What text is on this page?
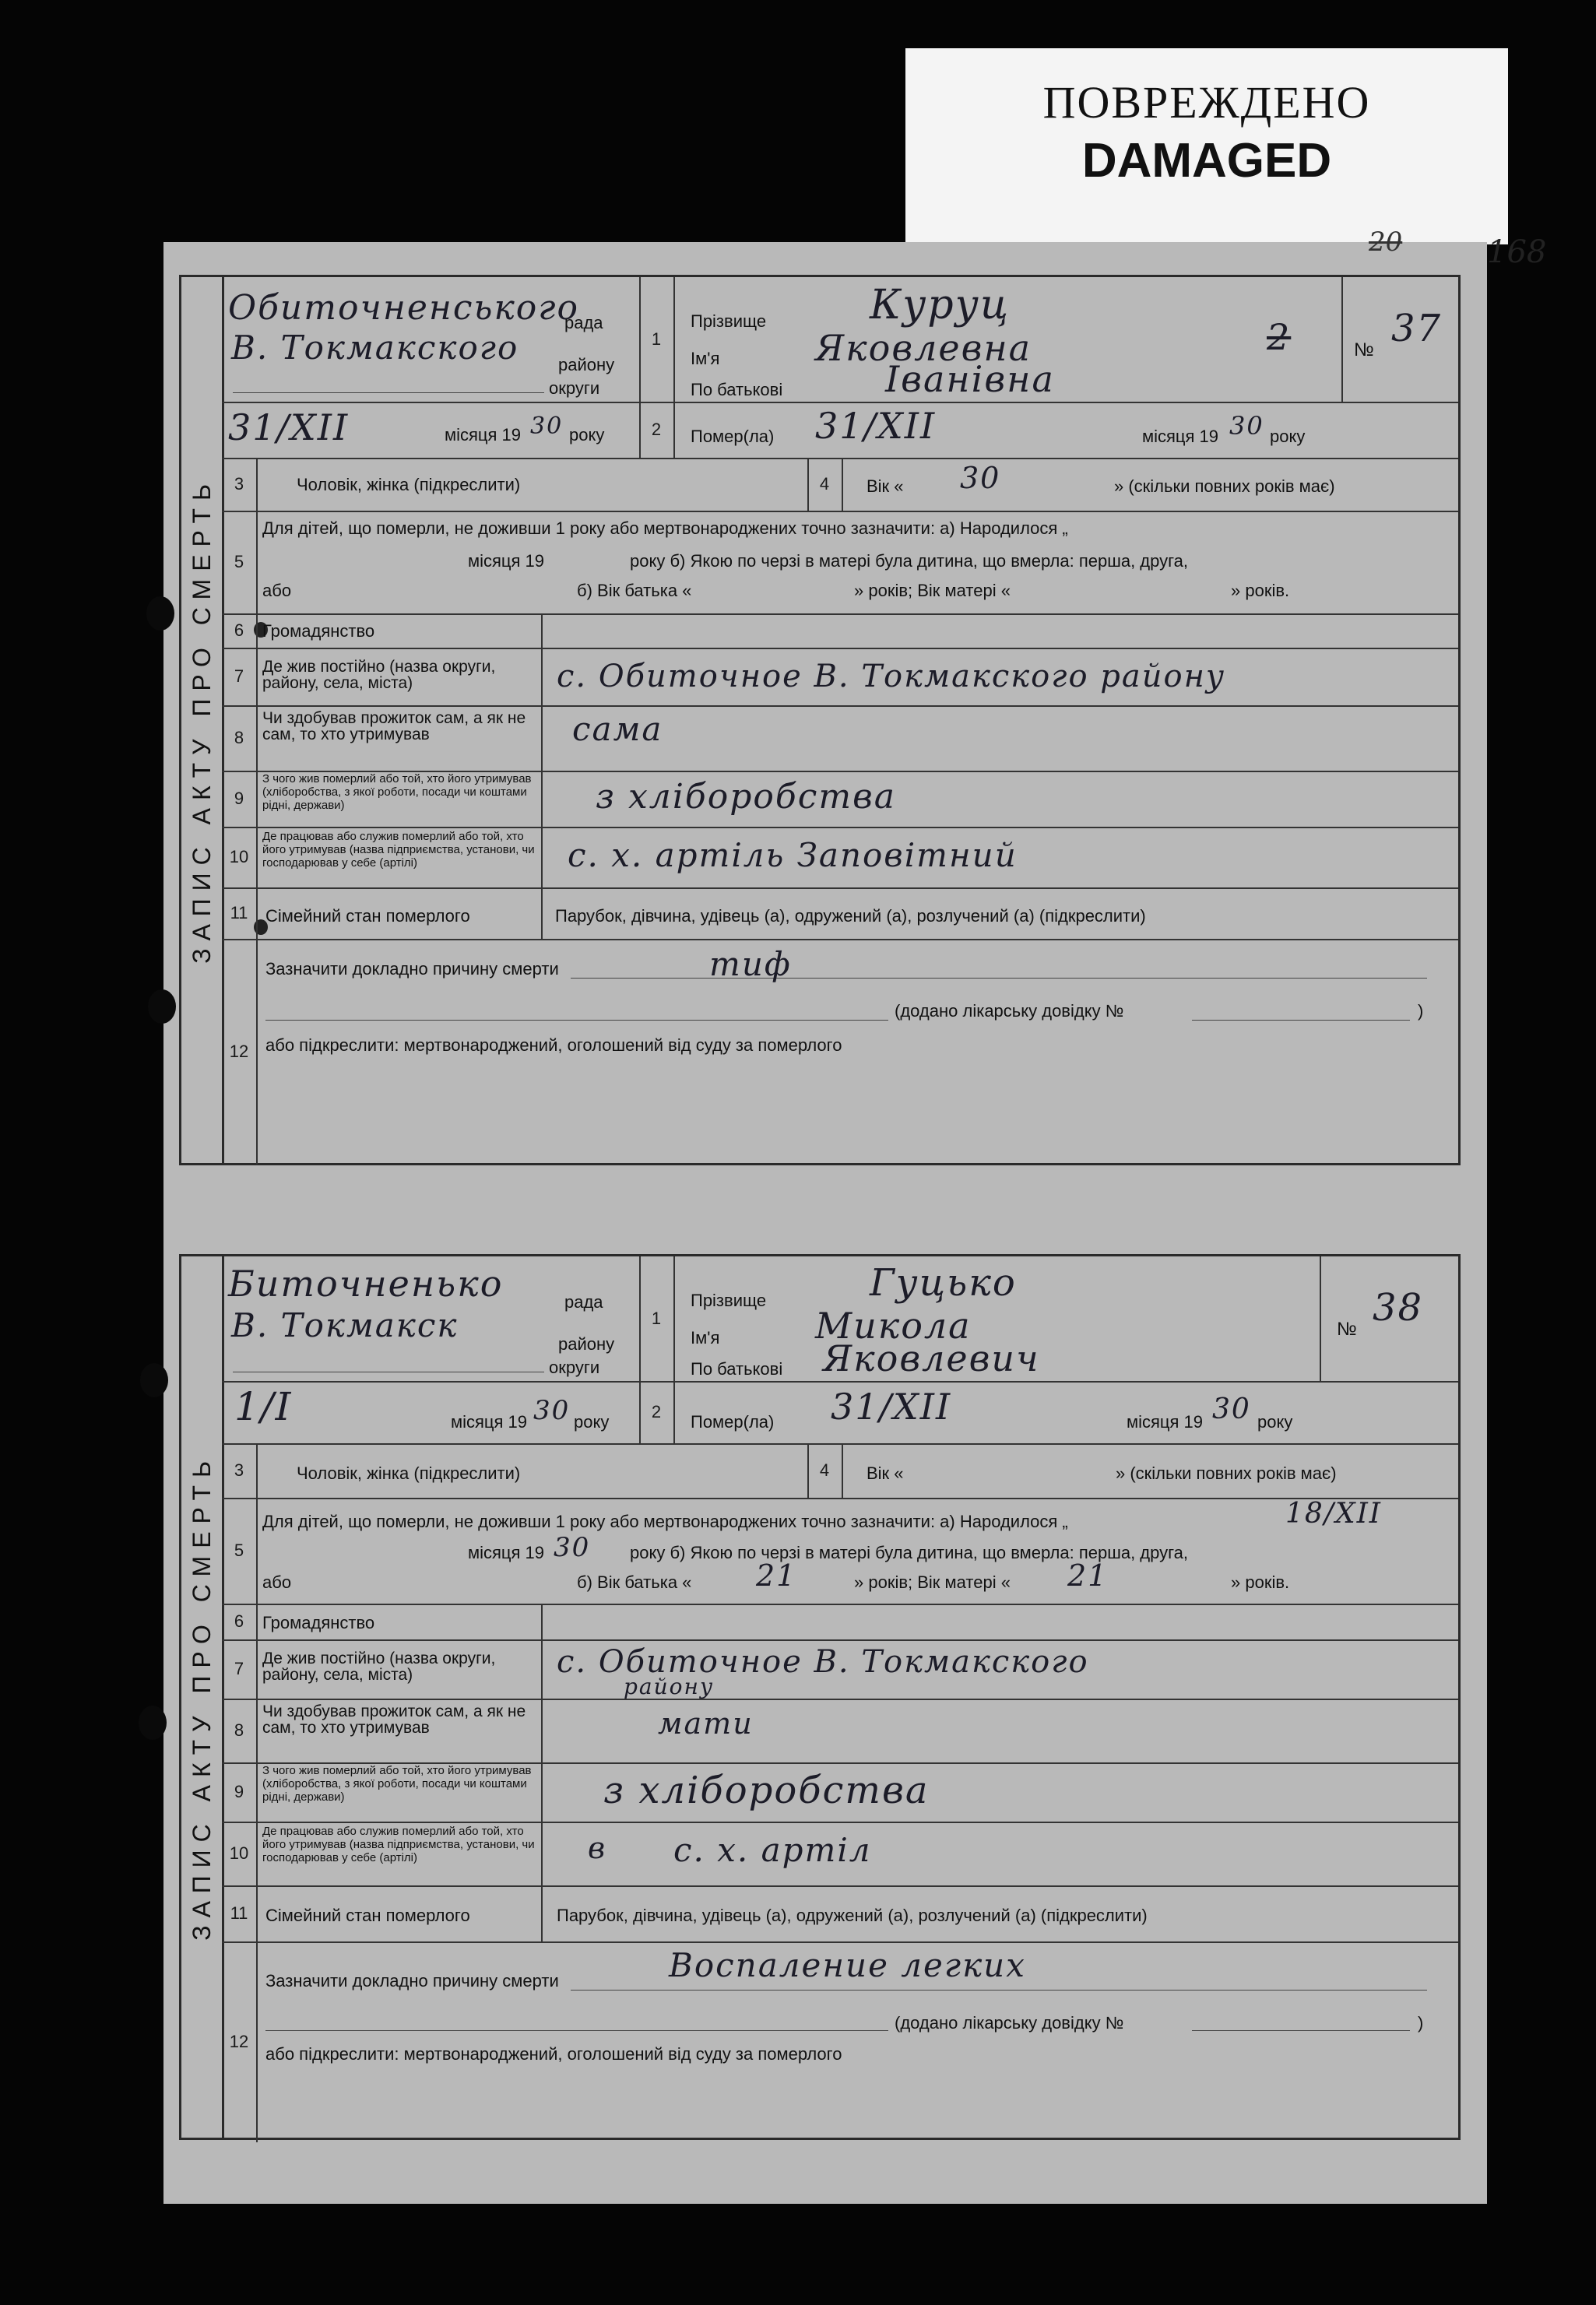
ПОВРЕЖДЕНО
DAMAGED
168
20
ЗАПИС АКТУ ПРО СМЕРТЬ
Обиточненського
рада
В. Токмакского району
округи
1
Прізвище	Куруц
Ім'я	Яковлевна
По батькові	Іванівна
2	№ 37
31/XII	місяця 19 30 року	2	Помер(ла) 31/XII	місяця 19 30 року
3	Чоловік, жінка (підкреслити)	4	Вік « 30	» (скільки повних років має)
5
Для дітей, що померли, не доживши 1 року або мертвонароджених точно зазначити: а) Народилося „
місяця 19	року б) Якою по черзі в матері була дитина, що вмерла: перша, друга,
або	б) Вік батька «	» років; Вік матері «	» років.
6	Громадянство
7	Де жив постійно (назва округи, району, села, міста)	с. Обиточное В. Токмакского району
8
Чи здобував прожиток сам, а як не сам, то хто утримував	сама
9
З чого жив померлий або той, хто його утримував (хліборобства, з якої роботи, посади чи коштами рідні, держави)	з хліборобства
10
Де працював або служив померлий або той, хто його утримував (назва підприємства, установи, чи господарював у себе (артілі)	с. х. артіль Заповітний
11	Сімейний стан померлого	Парубок, дівчина, удівець (а), одружений (а), розлучений (а) (підкреслити)
12
Зазначити докладно причину смерти	тиф
(додано лікарську довідку №	)
або підкреслити: мертвонароджений, оголошений від суду за померлого
ЗАПИС АКТУ ПРО СМЕРТЬ
Биточненько	рада
В. Токмакск	району
округи
1
Прізвище	Гуцько
Ім'я	Микола
По батькові Яковлевич
№ 38
1/I	місяця 19 30 року
2
Помер(ла) 31/XII	місяця 19 30 року
3	Чоловік, жінка (підкреслити)	4	Вік «	» (скільки повних років має)
5
Для дітей, що померли, не доживши 1 року або мертвонароджених точно зазначити: а) Народилося „	18/XII
місяця 19 30 року б) Якою по черзі в матері була дитина, що вмерла: перша, друга,
або	б) Вік батька « 21	» років; Вік матері « 21	» років.
6	Громадянство
7
Де жив постійно (назва округи, району, села, міста)	с. Обиточное В. Токмакского
району
8
Чи здобував прожиток сам, а як не сам, то хто утримував	мати
9
З чого жив померлий або той, хто його утримував (хліборобства, з якої роботи, посади чи коштами рідні, держави)	з хліборобства
10
Де працював або служив померлий або той, хто його утримував (назва підприємства, установи, чи господарював у себе (артілі)	в с. х. артіл
11	Сімейний стан померлого	Парубок, дівчина, удівець (а), одружений (а), розлучений (а) (підкреслити)
12
Зазначити докладно причину смерти	Воспаление легких
(додано лікарську довідку №	)
або підкреслити: мертвонароджений, оголошений від суду за померлого
